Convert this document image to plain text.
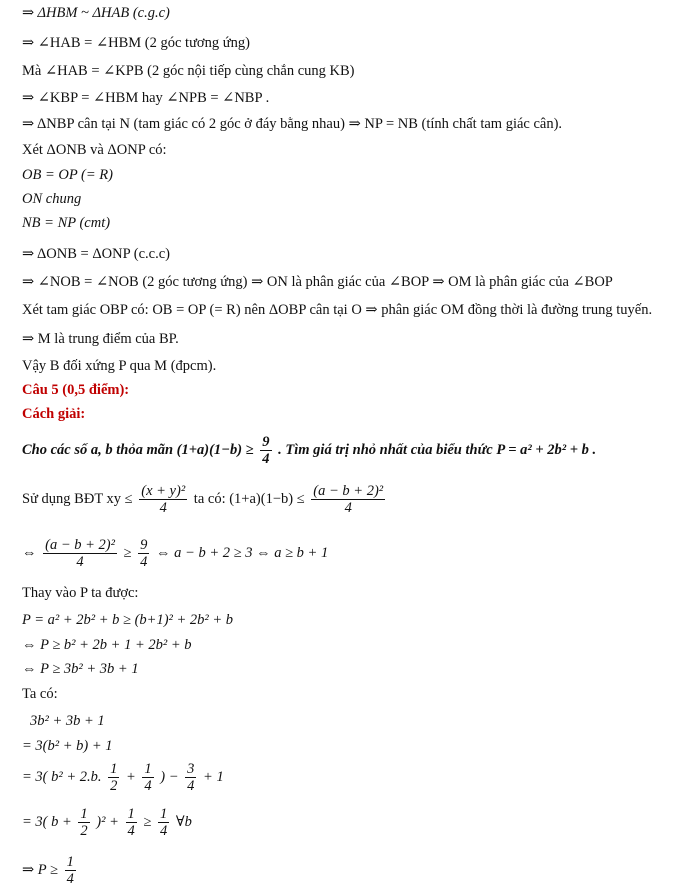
⇒ ΔHBM ~ ΔHAB (c.g.c)
⇒ ∠HAB = ∠HBM (2 góc tương ứng)
Mà ∠HAB = ∠KPB (2 góc nội tiếp cùng chắn cung KB)
⇒ ∠KBP = ∠HBM hay ∠NPB = ∠NBP .
⇒ ΔNBP cân tại N (tam giác có 2 góc ở đáy bằng nhau) ⇒ NP = NB (tính chất tam giác cân).
Xét ΔONB và ΔONP có:
OB = OP (= R)
ON chung
NB = NP (cmt)
⇒ ΔONB = ΔONP (c.c.c)
⇒ ∠NOB = ∠NOB (2 góc tương ứng) ⇒ ON là phân giác của ∠BOP ⇒ OM là phân giác của ∠BOP
Xét tam giác OBP có: OB = OP (= R) nên ΔOBP cân tại O ⇒ phân giác OM đồng thời là đường trung tuyến.
⇒ M là trung điểm của BP.
Vậy B đối xứng P qua M (đpcm).
Câu 5 (0,5 điểm):
Cách giải:
Cho các số a, b thỏa mãn $(1+a)(1-b) \ge \frac{9}{4}$ . Tìm giá trị nhỏ nhất của biểu thức P = a² + 2b² + b .
Sử dụng BĐT xy ≤ $\frac{\text{(x + y)²}}{4}$ ta có: $(1+a)(1-b) \le \frac{\text{(a − b + 2)²}}{4}$
⇔ $\frac{\text{(a − b + 2)²}}{4} \ge \frac{9}{4}$ ⇔ a − b + 2 ≥ 3 ⇔ a ≥ b + 1
Thay vào P ta được:
P = a² + 2b² + b ≥ (b+1)² + 2b² + b
⇔ P ≥ b² + 2b + 1 + 2b² + b
⇔ P ≥ 3b² + 3b + 1
Ta có:
3b² + 3b + 1
= 3(b² + b) + 1
= 3( b² + 2.b. $\frac{1}{2} + \frac{1}{4}$ ) − $\frac{3}{4} + 1$
= 3( $b + \frac{1}{2} )^2 + \frac{1}{4} \ge \frac{1}{4}$ ∀b
⇒ $P \ge \frac{1}{4}$
